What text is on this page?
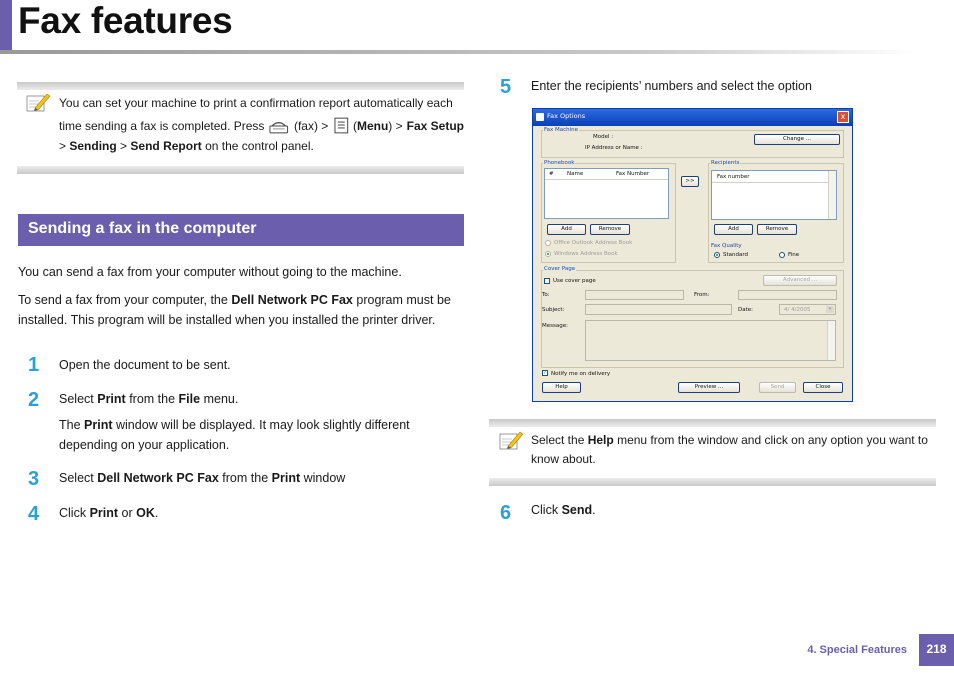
Fax features
You can set your machine to print a confirmation report automatically each
time sending a fax is completed. Press (fax) > ( Menu ) > Fax Setup
> Sending > Send Report on the control panel.
Sending a fax in the computer
You can send a fax from your computer without going to the machine.
To send a fax from your computer, the Dell Network PC Fax program must be
installed. This program will be installed when you installed the printer driver.
1 Open the document to be sent.
2 Select Print from the File menu.
The Print window will be displayed. It may look slightly different
depending on your application.
3 Select Dell Network PC Fax from the Print window
4 Click Print or OK.
5 Enter the recipients’ numbers and select the option
Fax Options	x
Fax Machine
Model :
IP Address or Name :
Change ...
Phonebook
# Name	Fax Number
Add	Remove
Office Outlook Address Book
Windows Address Book
>>
Recipients
Fax number
Add	Remove
Fax Quality
Standard	Fine
Cover Page
Use cover page	Advanced ...
To:	From:
Subject:	Date:	4/ 4/2005	▾
Message:
✓ Notify me on delivery
Help	Preview ...	Send	Close
Select the Help menu from the window and click on any option you want to
know about.
6 Click Send.
4. Special Features	218
